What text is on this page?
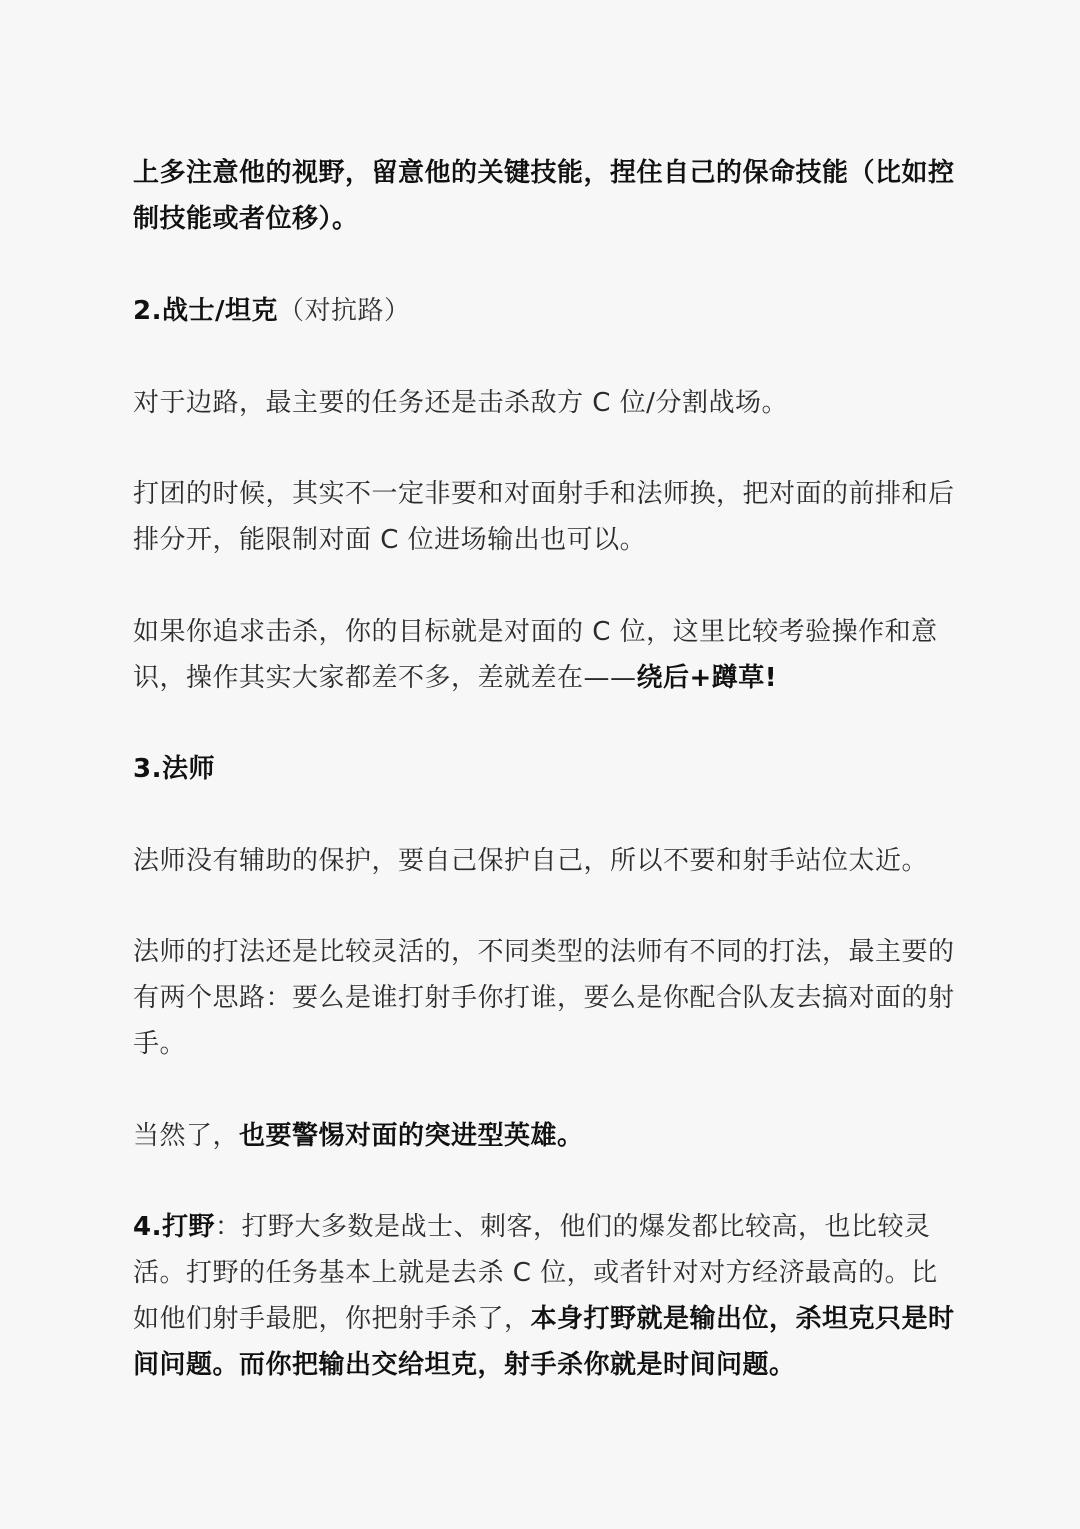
上多注意他的视野，留意他的关键技能，捏住自己的保命技能（比如控制技能或者位移）。
2.战士/坦克（对抗路）
对于边路，最主要的任务还是击杀敌方 C 位/分割战场。
打团的时候，其实不一定非要和对面射手和法师换，把对面的前排和后排分开，能限制对面 C 位进场输出也可以。
如果你追求击杀，你的目标就是对面的 C 位，这里比较考验操作和意识，操作其实大家都差不多，差就差在——绕后+蹲草!
3.法师
法师没有辅助的保护，要自己保护自己，所以不要和射手站位太近。
法师的打法还是比较灵活的，不同类型的法师有不同的打法，最主要的有两个思路：要么是谁打射手你打谁，要么是你配合队友去搞对面的射手。
当然了，也要警惕对面的突进型英雄。
4.打野：打野大多数是战士、刺客，他们的爆发都比较高，也比较灵活。打野的任务基本上就是去杀 C 位，或者针对对方经济最高的。比如他们射手最肥，你把射手杀了，本身打野就是输出位，杀坦克只是时间问题。而你把输出交给坦克，射手杀你就是时间问题。
